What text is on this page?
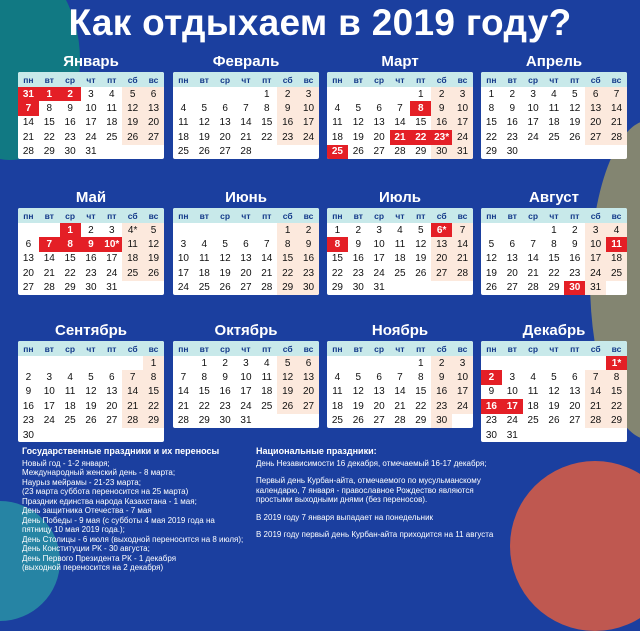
Как отдыхаем в 2019 году?
Январь
пн	вт	ср	чт	пт	сб	вс
31	1	2	3	4	5	6
7	8	9	10	11	12	13
14	15	16	17	18	19	20
21	22	23	24	25	26	27
28	29	30	31			
Февраль
пн	вт	ср	чт	пт	сб	вс
				1	2	3
4	5	6	7	8	9	10
11	12	13	14	15	16	17
18	19	20	21	22	23	24
25	26	27	28			
Март
пн	вт	ср	чт	пт	сб	вс
				1	2	3
4	5	6	7	8	9	10
11	12	13	14	15	16	17
18	19	20	21	22	23*	24
25	26	27	28	29	30	31
Апрель
пн	вт	ср	чт	пт	сб	вс
1	2	3	4	5	6	7
8	9	10	11	12	13	14
15	16	17	18	19	20	21
22	23	24	25	26	27	28
29	30					
Май
пн	вт	ср	чт	пт	сб	вс
		1	2	3	4*	5
6	7	8	9	10*	11	12
13	14	15	16	17	18	19
20	21	22	23	24	25	26
27	28	29	30	31		
Июнь
пн	вт	ср	чт	пт	сб	вс
					1	2
3	4	5	6	7	8	9
10	11	12	13	14	15	16
17	18	19	20	21	22	23
24	25	26	27	28	29	30
Июль
пн	вт	ср	чт	пт	сб	вс
1	2	3	4	5	6*	7
8	9	10	11	12	13	14
15	16	17	18	19	20	21
22	23	24	25	26	27	28
29	30	31				
Август
пн	вт	ср	чт	пт	сб	вс
			1	2	3	4
5	6	7	8	9	10	11
12	13	14	15	16	17	18
19	20	21	22	23	24	25
26	27	28	29	30	31	
Сентябрь
пн	вт	ср	чт	пт	сб	вс
						1
2	3	4	5	6	7	8
9	10	11	12	13	14	15
16	17	18	19	20	21	22
23	24	25	26	27	28	29
30						
Октябрь
пн	вт	ср	чт	пт	сб	вс
	1	2	3	4	5	6
7	8	9	10	11	12	13
14	15	16	17	18	19	20
21	22	23	24	25	26	27
28	29	30	31			
Ноябрь
пн	вт	ср	чт	пт	сб	вс
				1	2	3
4	5	6	7	8	9	10
11	12	13	14	15	16	17
18	19	20	21	22	23	24
25	26	27	28	29	30	
Декабрь
пн	вт	ср	чт	пт	сб	вс
						1*
2	3	4	5	6	7	8
9	10	11	12	13	14	15
16	17	18	19	20	21	22
23	24	25	26	27	28	29
30	31					
Государственные праздники и их переносы
Новый год - 1-2 января;
Международный женский день - 8 марта;
Наурыз мейрамы - 21-23 марта;
(23 марта суббота переносится на 25 марта)
Праздник единства народа Казахстана - 1 мая;
День защитника Отечества - 7 мая
День Победы - 9 мая (с субботы 4 мая 2019 года на
пятницу 10 мая 2019 года.);
День Столицы - 6 июля (выходной переносится на 8 июля);
День Конституции РК - 30 августа;
День Первого Президента РК - 1 декабря
(выходной переносится на 2 декабря)
Национальные праздники:

День Независимости 16 декабря, отмечаемый 16-17 декабря;

Первый день Курбан-айта, отмечаемого по мусульманскому календарю, 7 января - православное Рождество являются простыми выходными днями (без переносов).

В 2019 году 7 января выпадает на понедельник

В 2019 году первый день Курбан-айта приходится на 11 августа
